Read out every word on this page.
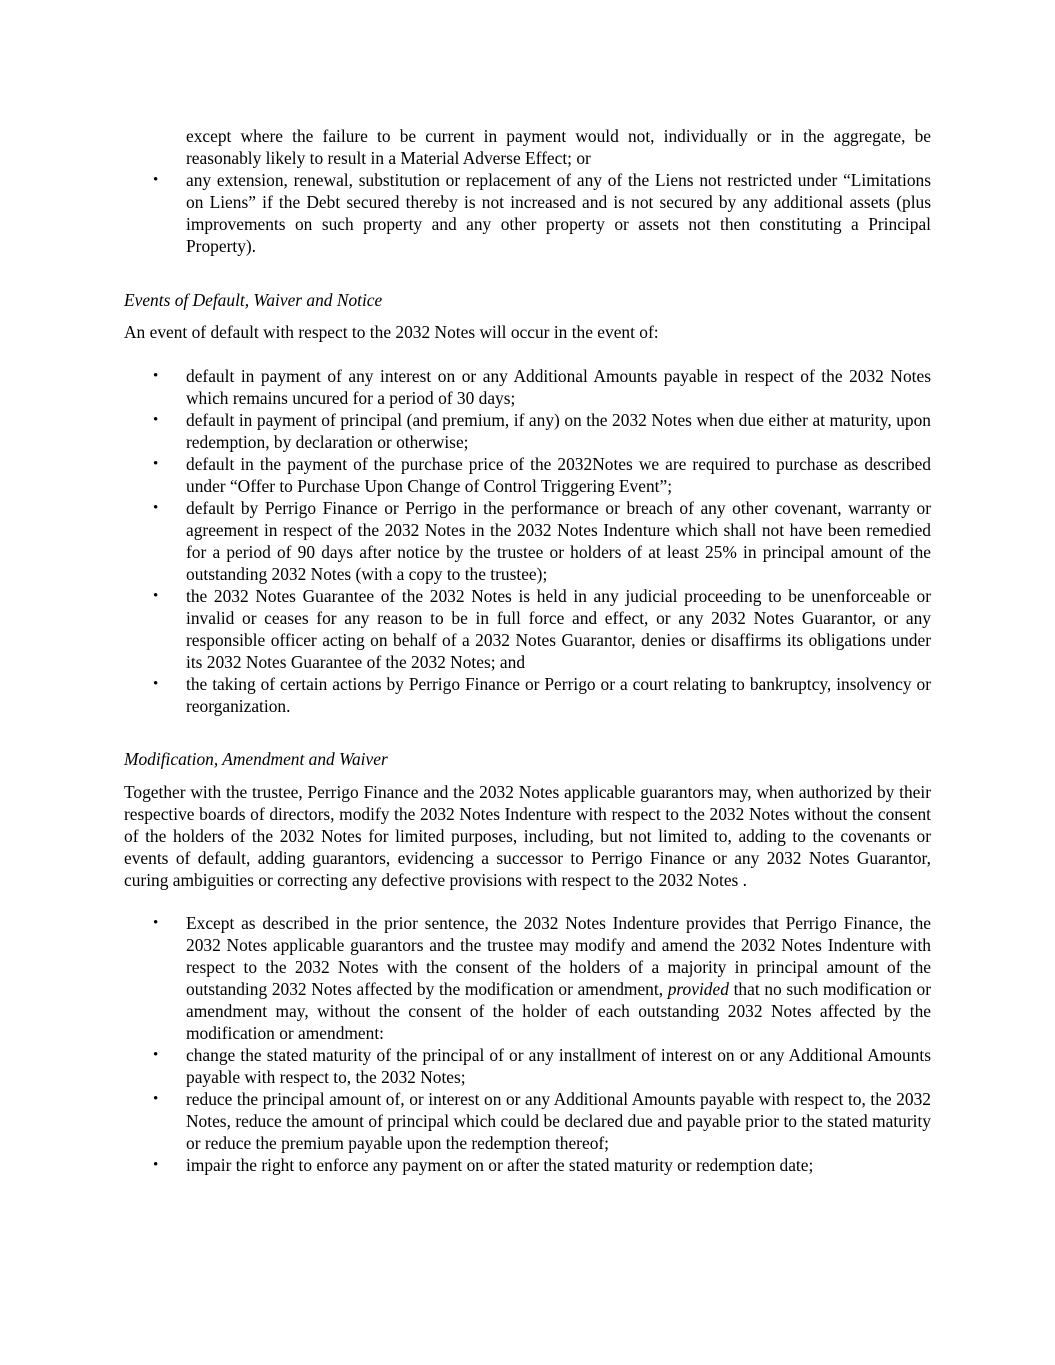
except where the failure to be current in payment would not, individually or in the aggregate, be reasonably likely to result in a Material Adverse Effect; or

• any extension, renewal, substitution or replacement of any of the Liens not restricted under “Limitations on Liens” if the Debt secured thereby is not increased and is not secured by any additional assets (plus improvements on such property and any other property or assets not then constituting a Principal Property).

Events of Default, Waiver and Notice

An event of default with respect to the 2032 Notes will occur in the event of:

• default in payment of any interest on or any Additional Amounts payable in respect of the 2032 Notes which remains uncured for a period of 30 days;
• default in payment of principal (and premium, if any) on the 2032 Notes when due either at maturity, upon redemption, by declaration or otherwise;
• default in the payment of the purchase price of the 2032Notes we are required to purchase as described under “Offer to Purchase Upon Change of Control Triggering Event”;
• default by Perrigo Finance or Perrigo in the performance or breach of any other covenant, warranty or agreement in respect of the 2032 Notes in the 2032 Notes Indenture which shall not have been remedied for a period of 90 days after notice by the trustee or holders of at least 25% in principal amount of the outstanding 2032 Notes (with a copy to the trustee);
• the 2032 Notes Guarantee of the 2032 Notes is held in any judicial proceeding to be unenforceable or invalid or ceases for any reason to be in full force and effect, or any 2032 Notes Guarantor, or any responsible officer acting on behalf of a 2032 Notes Guarantor, denies or disaffirms its obligations under its 2032 Notes Guarantee of the 2032 Notes; and
• the taking of certain actions by Perrigo Finance or Perrigo or a court relating to bankruptcy, insolvency or reorganization.

Modification, Amendment and Waiver

Together with the trustee, Perrigo Finance and the 2032 Notes applicable guarantors may, when authorized by their respective boards of directors, modify the 2032 Notes Indenture with respect to the 2032 Notes without the consent of the holders of the 2032 Notes for limited purposes, including, but not limited to, adding to the covenants or events of default, adding guarantors, evidencing a successor to Perrigo Finance or any 2032 Notes Guarantor, curing ambiguities or correcting any defective provisions with respect to the 2032 Notes .

• Except as described in the prior sentence, the 2032 Notes Indenture provides that Perrigo Finance, the 2032 Notes applicable guarantors and the trustee may modify and amend the 2032 Notes Indenture with respect to the 2032 Notes with the consent of the holders of a majority in principal amount of the outstanding 2032 Notes affected by the modification or amendment, provided that no such modification or amendment may, without the consent of the holder of each outstanding 2032 Notes affected by the modification or amendment:
• change the stated maturity of the principal of or any installment of interest on or any Additional Amounts payable with respect to, the 2032 Notes;
• reduce the principal amount of, or interest on or any Additional Amounts payable with respect to, the 2032 Notes, reduce the amount of principal which could be declared due and payable prior to the stated maturity or reduce the premium payable upon the redemption thereof;
• impair the right to enforce any payment on or after the stated maturity or redemption date;
